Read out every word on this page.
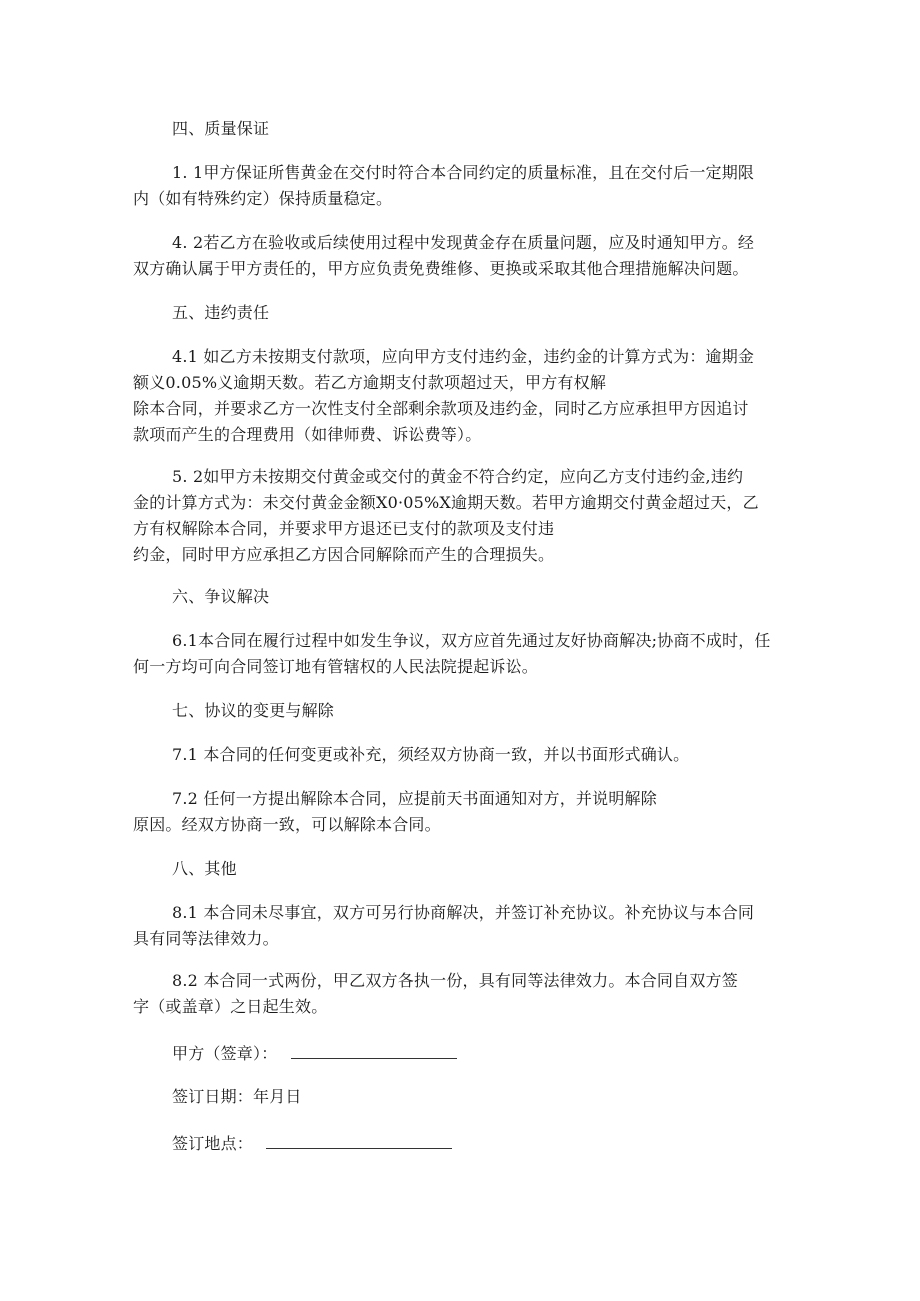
四、质量保证
1. 1甲方保证所售黄金在交付时符合本合同约定的质量标准，且在交付后一定期限
内（如有特殊约定）保持质量稳定。
4. 2若乙方在验收或后续使用过程中发现黄金存在质量问题，应及时通知甲方。经
双方确认属于甲方责任的，甲方应负责免费维修、更换或采取其他合理措施解决问题。
五、违约责任
4.1 如乙方未按期支付款项，应向甲方支付违约金，违约金的计算方式为：逾期金
额义0.05%义逾期天数。若乙方逾期支付款项超过天，甲方有权解
除本合同，并要求乙方一次性支付全部剩余款项及违约金，同时乙方应承担甲方因追讨
款项而产生的合理费用（如律师费、诉讼费等）。
5. 2如甲方未按期交付黄金或交付的黄金不符合约定，应向乙方支付违约金,违约
金的计算方式为：未交付黄金金额X0·05%X逾期天数。若甲方逾期交付黄金超过天，乙
方有权解除本合同，并要求甲方退还已支付的款项及支付违
约金，同时甲方应承担乙方因合同解除而产生的合理损失。
六、争议解决
6.1本合同在履行过程中如发生争议，双方应首先通过友好协商解决;协商不成时，任
何一方均可向合同签订地有管辖权的人民法院提起诉讼。
七、协议的变更与解除
7.1 本合同的任何变更或补充，须经双方协商一致，并以书面形式确认。
7.2 任何一方提出解除本合同，应提前天书面通知对方，并说明解除
原因。经双方协商一致，可以解除本合同。
八、其他
8.1 本合同未尽事宜，双方可另行协商解决，并签订补充协议。补充协议与本合同
具有同等法律效力。
8.2 本合同一式两份，甲乙双方各执一份，具有同等法律效力。本合同自双方签
字（或盖章）之日起生效。
甲方（签章）：
签订日期：年月日
签订地点：
